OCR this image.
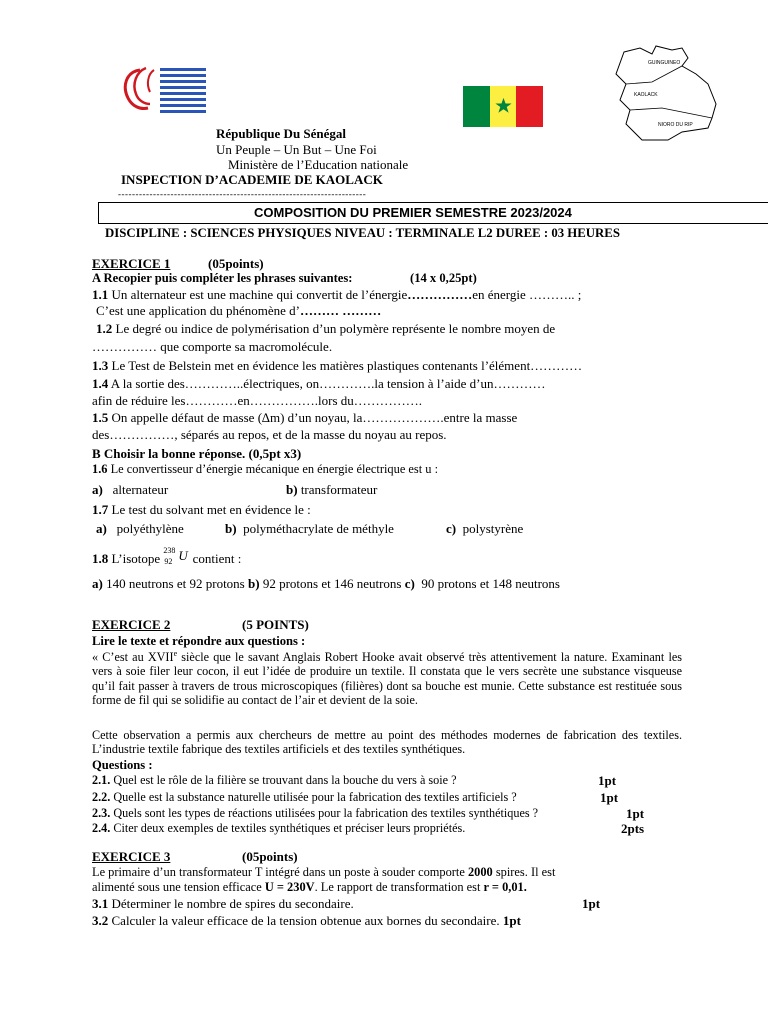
GUINGUINEO
KAOLACK
NIORO DU RIP
République Du Sénégal
Un Peuple – Un But – Une Foi
Ministère de l’Education nationale
INSPECTION D’ACADEMIE DE KAOLACK
-----------------------------------------------------------------------
COMPOSITION DU PREMIER SEMESTRE 2023/2024
DISCIPLINE : SCIENCES PHYSIQUES NIVEAU : TERMINALE L2 DUREE : 03 HEURES
EXERCICE 1	(05points)
A Recopier puis compléter les phrases suivantes:	(14 x 0,25pt)
1.1 Un alternateur est une machine qui convertit de l’énergie……………en énergie ……….. ;
C’est une application du phénomène d’……… ………
1.2 Le degré ou indice de polymérisation d’un polymère représente le nombre moyen de
…………… que comporte sa macromolécule.
1.3 Le Test de Belstein met en évidence les matières plastiques contenants l’élément…………
1.4 A la sortie des…………..électriques, on………….la tension à l’aide d’un…………
afin de réduire les…………en…………….lors du…………….
1.5 On appelle défaut de masse (∆m) d’un noyau, la……………….entre la masse
des……………, séparés au repos, et de la masse du noyau au repos.
B Choisir la bonne réponse. (0,5pt x3)
1.6 Le convertisseur d’énergie mécanique en énergie électrique est u :
a) alternateur	b) transformateur
1.7 Le test du solvant met en évidence le :
a) polyéthylène	b) polyméthacrylate de méthyle	c) polystyrène
1.8 L’isotope
238
92 U contient :
a) 140 neutrons et 92 protons b) 92 protons et 146 neutrons c) 90 protons et 148 neutrons
EXERCICE 2	(5 POINTS)
Lire le texte et répondre aux questions :

« C’est au XVIIe siècle que le savant Anglais Robert Hooke avait observé très attentivement la nature. Examinant les vers à soie filer leur cocon, il eut l’idée de produire un textile. Il constata que le vers secrète une substance visqueuse qu’il fait passer à travers de trous microscopiques (filières) dont sa bouche est munie. Cette substance est restituée sous forme de fil qui se solidifie au contact de l’air et devient de la soie.

Cette observation a permis aux chercheurs de mettre au point des méthodes modernes de fabrication des textiles. L’industrie textile fabrique des textiles artificiels et des textiles synthétiques.

Questions :
2.1. Quel est le rôle de la filière se trouvant dans la bouche du vers à soie ?	1pt
2.2. Quelle est la substance naturelle utilisée pour la fabrication des textiles artificiels ?	1pt
2.3. Quels sont les types de réactions utilisées pour la fabrication des textiles synthétiques ?	1pt
2.4. Citer deux exemples de textiles synthétiques et préciser leurs propriétés.	2pts
EXERCICE 3	(05points)
Le primaire d’un transformateur T intégré dans un poste à souder comporte 2000 spires. Il est
alimenté sous une tension efficace U = 230V. Le rapport de transformation est r = 0,01.
3.1 Déterminer le nombre de spires du secondaire.	1pt
3.2 Calculer la valeur efficace de la tension obtenue aux bornes du secondaire. 1pt
